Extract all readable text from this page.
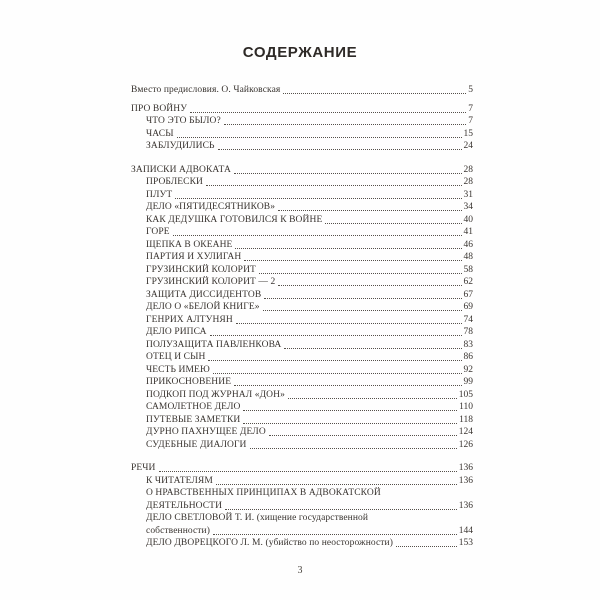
СОДЕРЖАНИЕ
Вместо предисловия. О. Чайковская	5
ПРО ВОЙНУ	7
ЧТО ЭТО БЫЛО?	7
ЧАСЫ	15
ЗАБЛУДИЛИСЬ	24
ЗАПИСКИ АДВОКАТА	28
ПРОБЛЕСКИ	28
ПЛУТ	31
ДЕЛО «ПЯТИДЕСЯТНИКОВ»	34
КАК ДЕДУШКА ГОТОВИЛСЯ К ВОЙНЕ	40
ГОРЕ	41
ЩЕПКА В ОКЕАНЕ	46
ПАРТИЯ И ХУЛИГАН	48
ГРУЗИНСКИЙ КОЛОРИТ	58
ГРУЗИНСКИЙ КОЛОРИТ — 2	62
ЗАЩИТА ДИССИДЕНТОВ	67
ДЕЛО О «БЕЛОЙ КНИГЕ»	69
ГЕНРИХ АЛТУНЯН	74
ДЕЛО РИПСА	78
ПОЛУЗАЩИТА ПАВЛЕНКОВА	83
ОТЕЦ И СЫН	86
ЧЕСТЬ ИМЕЮ	92
ПРИКОСНОВЕНИЕ	99
ПОДКОП ПОД ЖУРНАЛ «ДОН»	105
САМОЛЕТНОЕ ДЕЛО	110
ПУТЕВЫЕ ЗАМЕТКИ	118
ДУРНО ПАХНУЩЕЕ ДЕЛО	124
СУДЕБНЫЕ ДИАЛОГИ	126
РЕЧИ	136
К ЧИТАТЕЛЯМ	136
О НРАВСТВЕННЫХ ПРИНЦИПАХ В АДВОКАТСКОЙ
ДЕЯТЕЛЬНОСТИ	136
ДЕЛО СВЕТЛОВОЙ Т. И. (хищение государственной
собственности)	144
ДЕЛО ДВОРЕЦКОГО Л. М. (убийство по неосторожности)	153
3
